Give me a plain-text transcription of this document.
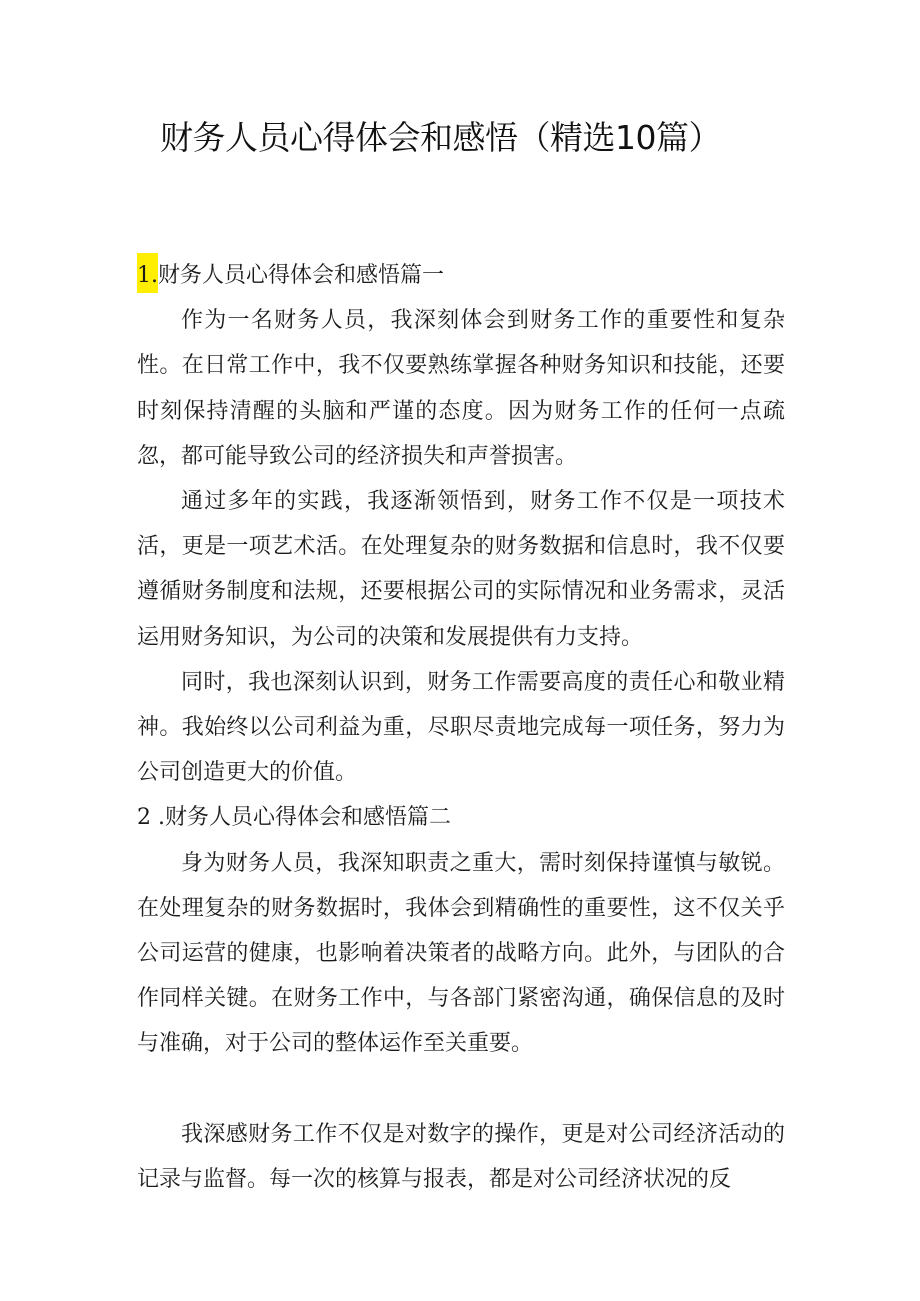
财务人员心得体会和感悟（精选10篇）
1.财务人员心得体会和感悟篇一

作为一名财务人员，我深刻体会到财务工作的重要性和复杂性。在日常工作中，我不仅要熟练掌握各种财务知识和技能，还要时刻保持清醒的头脑和严谨的态度。因为财务工作的任何一点疏忽，都可能导致公司的经济损失和声誉损害。

通过多年的实践，我逐渐领悟到，财务工作不仅是一项技术活，更是一项艺术活。在处理复杂的财务数据和信息时，我不仅要遵循财务制度和法规，还要根据公司的实际情况和业务需求，灵活运用财务知识，为公司的决策和发展提供有力支持。

同时，我也深刻认识到，财务工作需要高度的责任心和敬业精神。我始终以公司利益为重，尽职尽责地完成每一项任务，努力为公司创造更大的价值。

2 .财务人员心得体会和感悟篇二

身为财务人员，我深知职责之重大，需时刻保持谨慎与敏锐。在处理复杂的财务数据时，我体会到精确性的重要性，这不仅关乎公司运营的健康，也影响着决策者的战略方向。此外，与团队的合作同样关键。在财务工作中，与各部门紧密沟通，确保信息的及时与准确，对于公司的整体运作至关重要。

我深感财务工作不仅是对数字的操作，更是对公司经济活动的记录与监督。每一次的核算与报表，都是对公司经济状况的反
